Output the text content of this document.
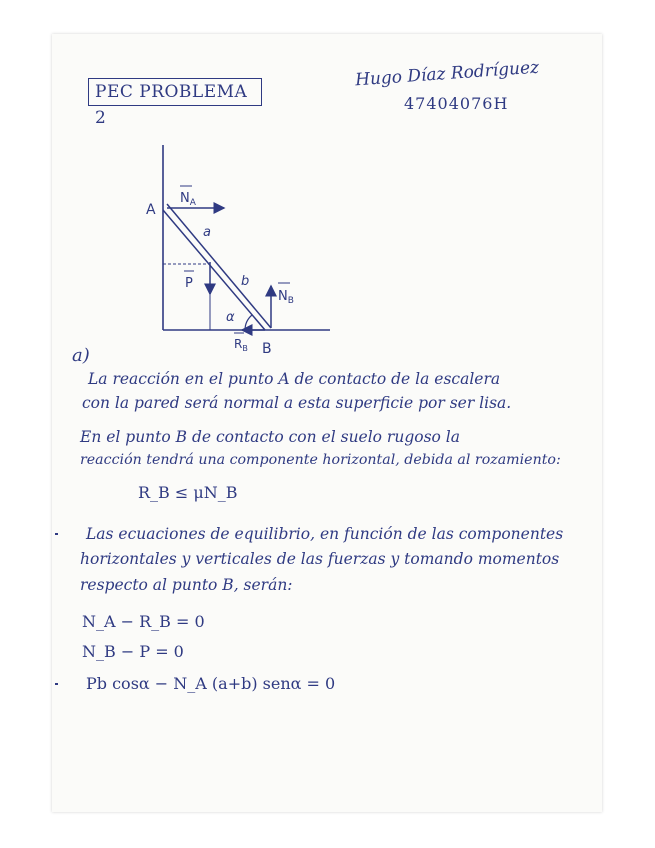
PEC PROBLEMA 2
Hugo Díaz Rodríguez
47404076H
A
B
$N_A$
$N_B$
P
$R_B$
a
b
α
a)
La reacción en el punto A de contacto de la escalera
con la pared será normal a esta superficie por ser lisa.
En el punto B de contacto con el suelo rugoso la
reacción tendrá una componente horizontal, debida al rozamiento:
R_B ≤ μN_B
Las ecuaciones de equilibrio, en función de las componentes
horizontales y verticales de las fuerzas y tomando momentos
respecto al punto B, serán:
N_A − R_B = 0
N_B − P = 0
Pb cosα − N_A (a+b) senα = 0
